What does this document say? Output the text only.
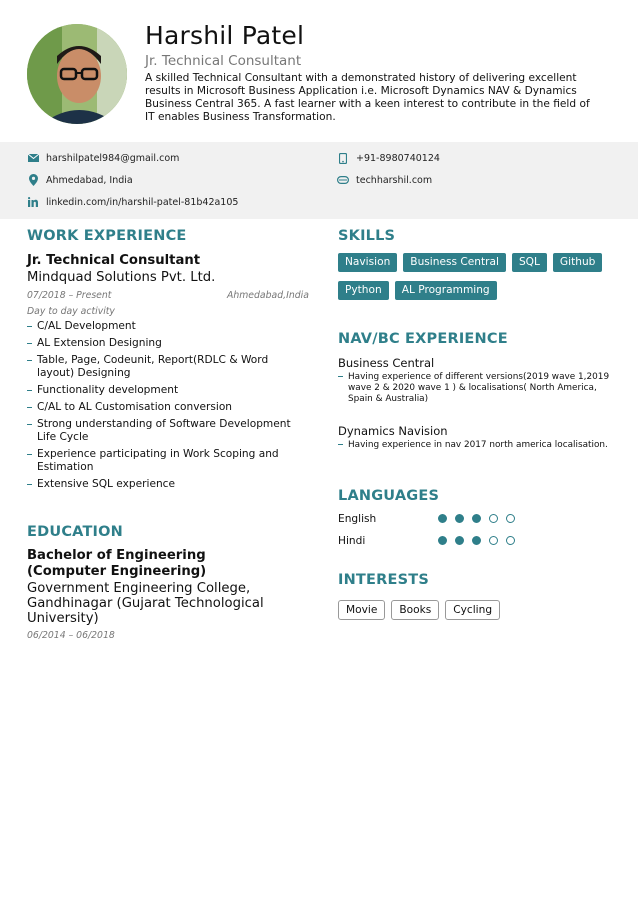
Harshil Patel
Jr. Technical Consultant
A skilled Technical Consultant with a demonstrated history of delivering excellent results in Microsoft Business Application i.e. Microsoft Dynamics NAV & Dynamics Business Central 365. A fast learner with a keen interest to contribute in the field of IT enables Business Transformation.
harshilpatel984@gmail.com	+91-8980740124
Ahmedabad, India	techharshil.com
linkedin.com/in/harshil-patel-81b42a105
WORK EXPERIENCE
Jr. Technical Consultant
Mindquad Solutions Pvt. Ltd.
07/2018 – Present	Ahmedabad,India
Day to day activity
C/AL Development
AL Extension Designing
Table, Page, Codeunit, Report(RDLC & Word layout) Designing
Functionality development
C/AL to AL Customisation conversion
Strong understanding of Software Development Life Cycle
Experience participating in Work Scoping and Estimation
Extensive SQL experience
EDUCATION
Bachelor of Engineering (Computer Engineering)
Government Engineering College, Gandhinagar (Gujarat Technological University)
06/2014 – 06/2018
SKILLS
Navision	Business Central	SQL	Github
Python	AL Programming
NAV/BC EXPERIENCE
Business Central
Having experience of different versions(2019 wave 1,2019 wave 2 & 2020 wave 1 ) & localisations( North America, Spain & Australia)
Dynamics Navision
Having experience in nav 2017 north america localisation.
LANGUAGES
English
Hindi
INTERESTS
Movie	Books	Cycling
